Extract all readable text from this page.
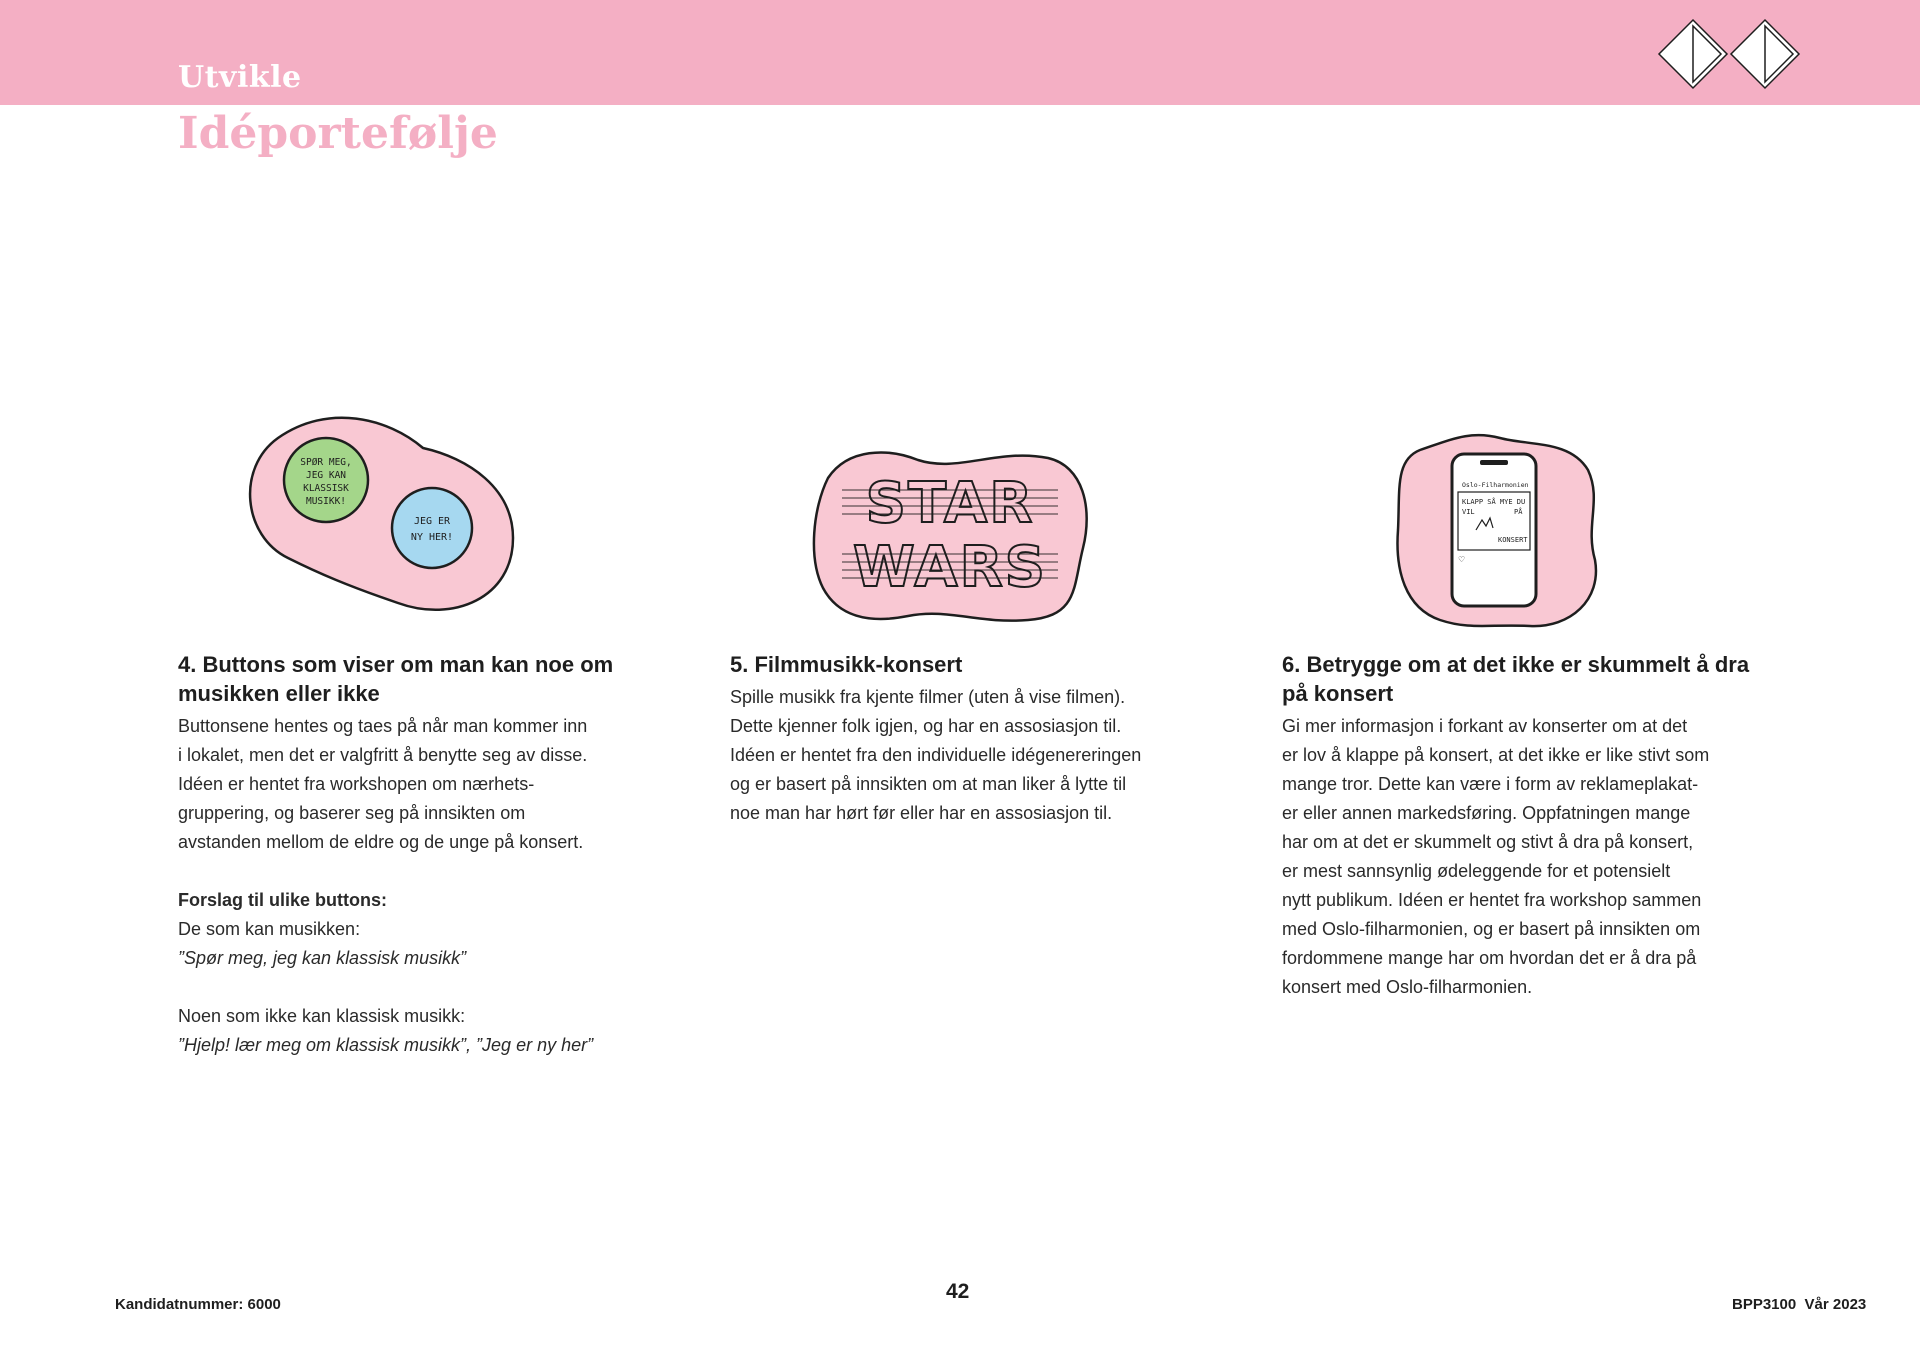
Utvikle
Idéportefølje
SPØR MEG,
JEG KAN
KLASSISK
MUSIKK!
JEG ER
NY HER!
STAR
WARS
Oslo-Filharmonien
KLAPP SÅ MYE DU
VIL	PÅ
KONSERT
♡
4. Buttons som viser om man kan noe om
musikken eller ikke

Buttonsene hentes og taes på når man kommer inn
i lokalet, men det er valgfritt å benytte seg av disse.
Idéen er hentet fra workshopen om nærhets-
gruppering, og baserer seg på innsikten om
avstanden mellom de eldre og de unge på konsert.

Forslag til ulike buttons:

De som kan musikken:

”Spør meg, jeg kan klassisk musikk”

Noen som ikke kan klassisk musikk:

”Hjelp! lær meg om klassisk musikk”, ”Jeg er ny her”

5. Filmmusikk-konsert

Spille musikk fra kjente filmer (uten å vise filmen).
Dette kjenner folk igjen, og har en assosiasjon til.
Idéen er hentet fra den individuelle idégenereringen
og er basert på innsikten om at man liker å lytte til
noe man har hørt før eller har en assosiasjon til.

6. Betrygge om at det ikke er skummelt å dra
på konsert

Gi mer informasjon i forkant av konserter om at det
er lov å klappe på konsert, at det ikke er like stivt som
mange tror. Dette kan være i form av reklameplakat-
er eller annen markedsføring. Oppfatningen mange
har om at det er skummelt og stivt å dra på konsert,
er mest sannsynlig ødeleggende for et potensielt
nytt publikum. Idéen er hentet fra workshop sammen
med Oslo-filharmonien, og er basert på innsikten om
fordommene mange har om hvordan det er å dra på
konsert med Oslo-filharmonien.

Kandidatnummer: 6000
42
BPP3100  Vår 2023
